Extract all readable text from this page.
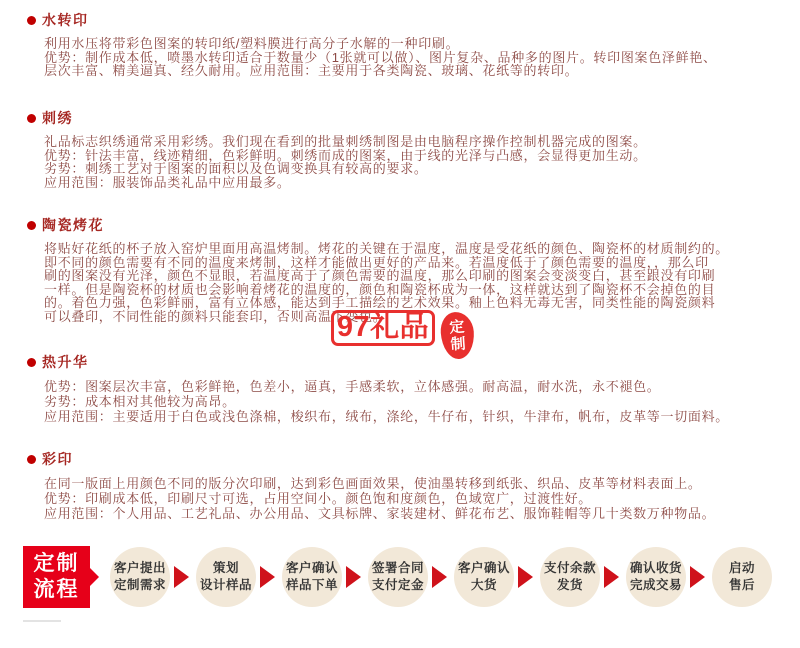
水转印
利用水压将带彩色图案的转印纸/塑料膜进行高分子水解的一种印刷。
优势：制作成本低，喷墨水转印适合于数量少（1张就可以做）、图片复杂、品种多的图片。转印图案色泽鲜艳、
层次丰富、精美逼真、经久耐用。应用范围：主要用于各类陶瓷、玻璃、花纸等的转印。
刺绣
礼品标志织绣通常采用彩绣。我们现在看到的批量刺绣制图是由电脑程序操作控制机器完成的图案。
优势：针法丰富，线迹精细，色彩鲜明。刺绣而成的图案，由于线的光泽与凸感，会显得更加生动。
劣势：刺绣工艺对于图案的面积以及色调变换具有较高的要求。
应用范围：服装饰品类礼品中应用最多。
陶瓷烤花
将贴好花纸的杯子放入窑炉里面用高温烤制。烤花的关键在于温度，温度是受花纸的颜色、陶瓷杯的材质制约的。
即不同的颜色需要有不同的温度来烤制，这样才能做出更好的产品来。若温度低于了颜色需要的温度，，那么印
刷的图案没有光泽，颜色不显眼，若温度高于了颜色需要的温度，那么印刷的图案会变淡变白，甚至跟没有印刷
一样。但是陶瓷杯的材质也会影响着烤花的温度的，颜色和陶瓷杯成为一体，这样就达到了陶瓷杯不会掉色的目
的。着色力强，色彩鲜丽，富有立体感，能达到手工描绘的艺术效果。釉上色料无毒无害，同类性能的陶瓷颜料
可以叠印，不同性能的颜料只能套印，否则高温下变色。
热升华
优势：图案层次丰富，色彩鲜艳，色差小，逼真，手感柔软，立体感强。耐高温，耐水洗，永不褪色。
劣势：成本相对其他较为高昂。
应用范围：主要适用于白色或浅色涤棉，梭织布，绒布，涤纶，牛仔布，针织，牛津布，帆布，皮革等一切面料。
彩印
在同一版面上用颜色不同的版分次印刷，达到彩色画面效果，使油墨转移到纸张、织品、皮革等材料表面上。
优势：印刷成本低，印刷尺寸可选，占用空间小。颜色饱和度颜色，色域宽广，过渡性好。
应用范围：个人用品、工艺礼品、办公用品、文具标牌、家装建材、鲜花布艺、服饰鞋帽等几十类数万种物品。
97礼品	定
制
定制
流程
客户提出
定制需求
策划
设计样品
客户确认
样品下单
签署合同
支付定金
客户确认
大货
支付余款
发货
确认收货
完成交易
启动
售后
